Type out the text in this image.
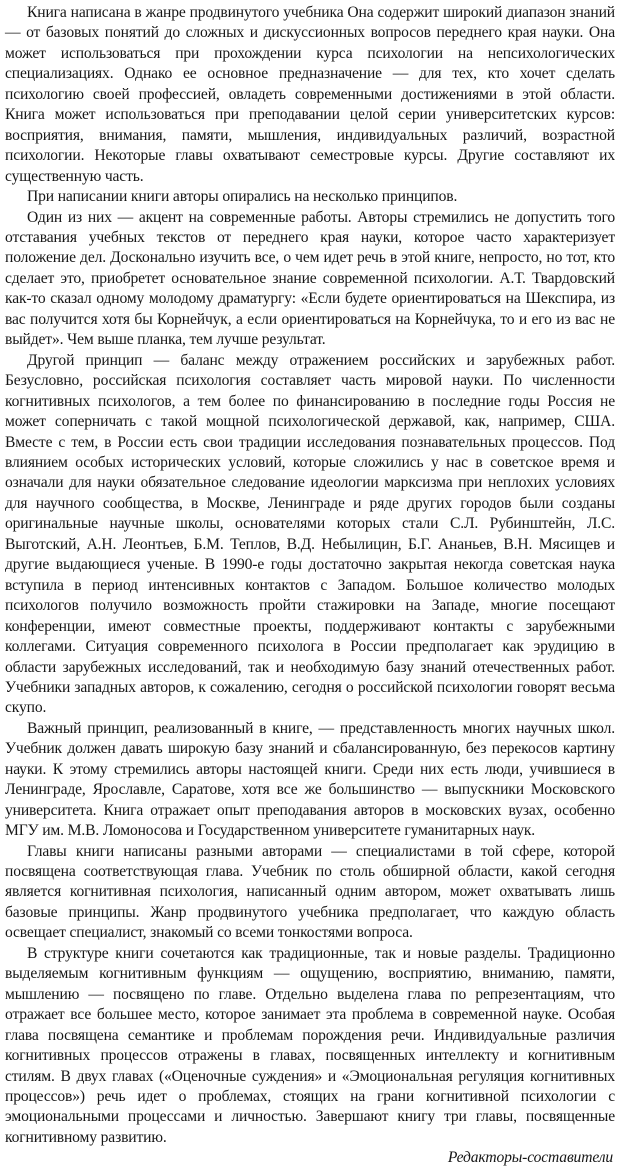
Книга написана в жанре продвинутого учебника Она содержит широкий диапазон знаний — от базовых понятий до сложных и дискуссионных вопросов переднего края науки. Она может использоваться при прохождении курса психологии на непсихологических специализациях. Однако ее основное предназначение — для тех, кто хочет сделать психологию своей профессией, овладеть современными достижениями в этой области. Книга может использоваться при преподавании целой серии университетских курсов: восприятия, внимания, памяти, мышления, индивидуальных различий, возрастной психологии. Некоторые главы охватывают семестровые курсы. Другие составляют их существенную часть.

При написании книги авторы опирались на несколько принципов.

Один из них — акцент на современные работы. Авторы стремились не допустить того отставания учебных текстов от переднего края науки, которое часто характеризует положение дел. Досконально изучить все, о чем идет речь в этой книге, непросто, но тот, кто сделает это, приобретет основательное знание современной психологии. А.Т. Твардовский как-то сказал одному молодому драматургу: «Если будете ориентироваться на Шекспира, из вас получится хотя бы Корнейчук, а если ориентироваться на Корнейчука, то и его из вас не выйдет». Чем выше планка, тем лучше результат.

Другой принцип — баланс между отражением российских и зарубежных работ. Безусловно, российская психология составляет часть мировой науки. По численности когнитивных психологов, а тем более по финансированию в последние годы Россия не может соперничать с такой мощной психологической державой, как, например, США. Вместе с тем, в России есть свои традиции исследования познавательных процессов. Под влиянием особых исторических условий, которые сложились у нас в советское время и означали для науки обязательное следование идеологии марксизма при неплохих условиях для научного сообщества, в Москве, Ленинграде и ряде других городов были созданы оригинальные научные школы, основателями которых стали С.Л. Рубинштейн, Л.С. Выготский, А.Н. Леонтьев, Б.М. Теплов, В.Д. Небылицин, Б.Г. Ананьев, В.Н. Мясищев и другие выдающиеся ученые. В 1990-е годы достаточно закрытая некогда советская наука вступила в период интенсивных контактов с Западом. Большое количество молодых психологов получило возможность пройти стажировки на Западе, многие посещают конференции, имеют совместные проекты, поддерживают контакты с зарубежными коллегами. Ситуация современного психолога в России предполагает как эрудицию в области зарубежных исследований, так и необходимую базу знаний отечественных работ. Учебники западных авторов, к сожалению, сегодня о российской психологии говорят весьма скупо.

Важный принцип, реализованный в книге, — представленность многих научных школ. Учебник должен давать широкую базу знаний и сбалансированную, без перекосов картину науки. К этому стремились авторы настоящей книги. Среди них есть люди, учившиеся в Ленинграде, Ярославле, Саратове, хотя все же большинство — выпускники Московского университета. Книга отражает опыт преподавания авторов в московских вузах, особенно МГУ им. М.В. Ломоносова и Государственном университете гуманитарных наук.

Главы книги написаны разными авторами — специалистами в той сфере, которой посвящена соответствующая глава. Учебник по столь обширной области, какой сегодня является когнитивная психология, написанный одним автором, может охватывать лишь базовые принципы. Жанр продвинутого учебника предполагает, что каждую область освещает специалист, знакомый со всеми тонкостями вопроса.

В структуре книги сочетаются как традиционные, так и новые разделы. Традиционно выделяемым когнитивным функциям — ощущению, восприятию, вниманию, памяти, мышлению — посвящено по главе. Отдельно выделена глава по репрезентациям, что отражает все большее место, которое занимает эта проблема в современной науке. Особая глава посвящена семантике и проблемам порождения речи. Индивидуальные различия когнитивных процессов отражены в главах, посвященных интеллекту и когнитивным стилям. В двух главах («Оценочные суждения» и «Эмоциональная регуляция когнитивных процессов») речь идет о проблемах, стоящих на грани когнитивной психологии с эмоциональными процессами и личностью. Завершают книгу три главы, посвященные когнитивному развитию.

Редакторы-составители
